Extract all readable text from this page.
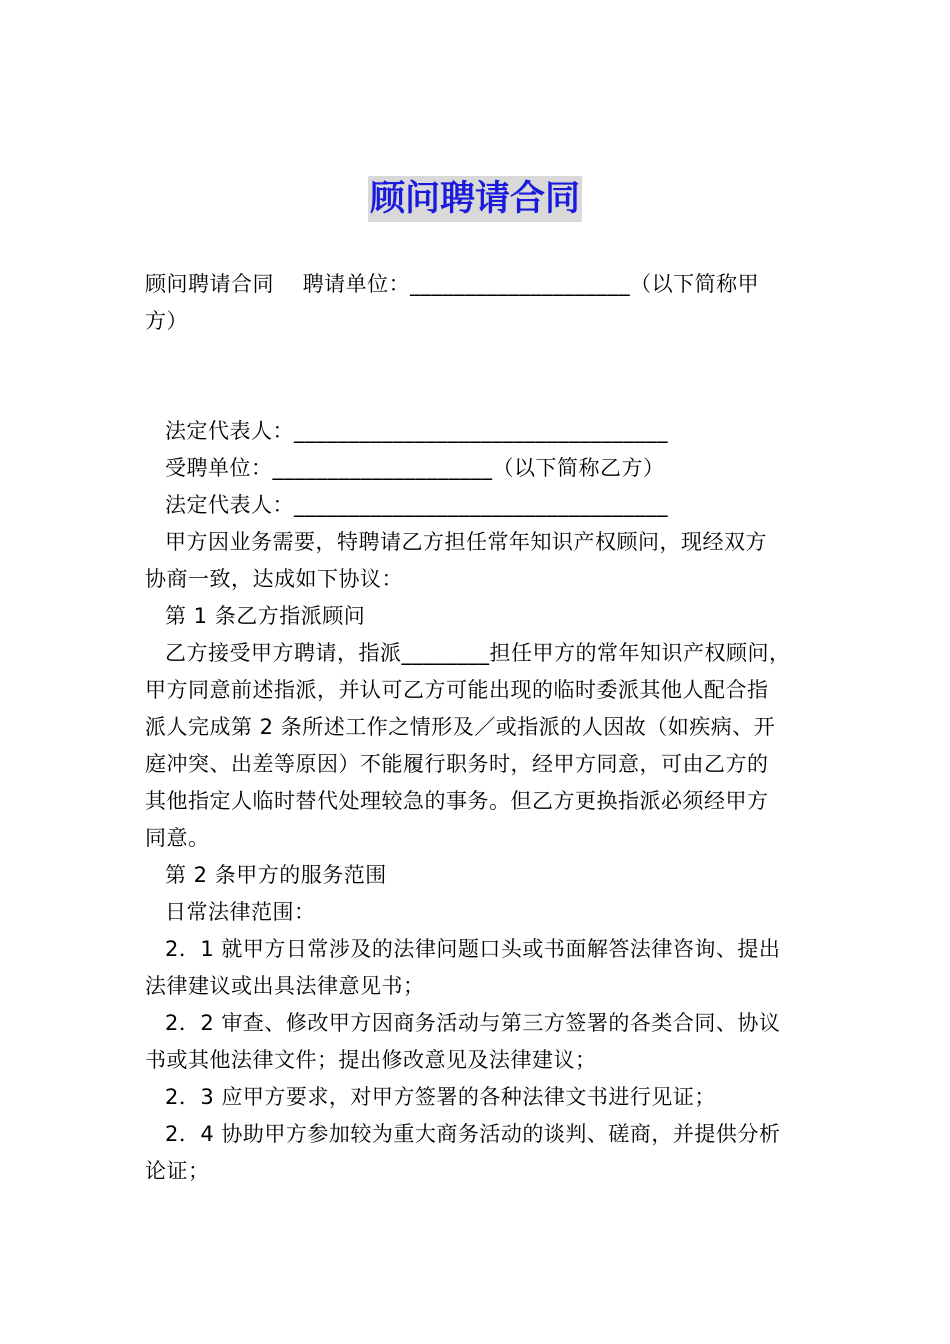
顾问聘请合同
顾问聘请合同　 聘请单位：____________________（以下简称甲
方）
法定代表人：__________________________________
受聘单位：____________________（以下简称乙方）
法定代表人：__________________________________
甲方因业务需要，特聘请乙方担任常年知识产权顾问，现经双方
协商一致，达成如下协议：
第 1 条乙方指派顾问
乙方接受甲方聘请，指派________担任甲方的常年知识产权顾问，
甲方同意前述指派，并认可乙方可能出现的临时委派其他人配合指
派人完成第 2 条所述工作之情形及／或指派的人因故（如疾病、开
庭冲突、出差等原因）不能履行职务时，经甲方同意，可由乙方的
其他指定人临时替代处理较急的事务。但乙方更换指派必须经甲方
同意。
第 2 条甲方的服务范围
日常法律范围：
2．1 就甲方日常涉及的法律问题口头或书面解答法律咨询、提出
法律建议或出具法律意见书；
2．2 审查、修改甲方因商务活动与第三方签署的各类合同、协议
书或其他法律文件；提出修改意见及法律建议；
2．3 应甲方要求，对甲方签署的各种法律文书进行见证；
2．4 协助甲方参加较为重大商务活动的谈判、磋商，并提供分析
论证；
